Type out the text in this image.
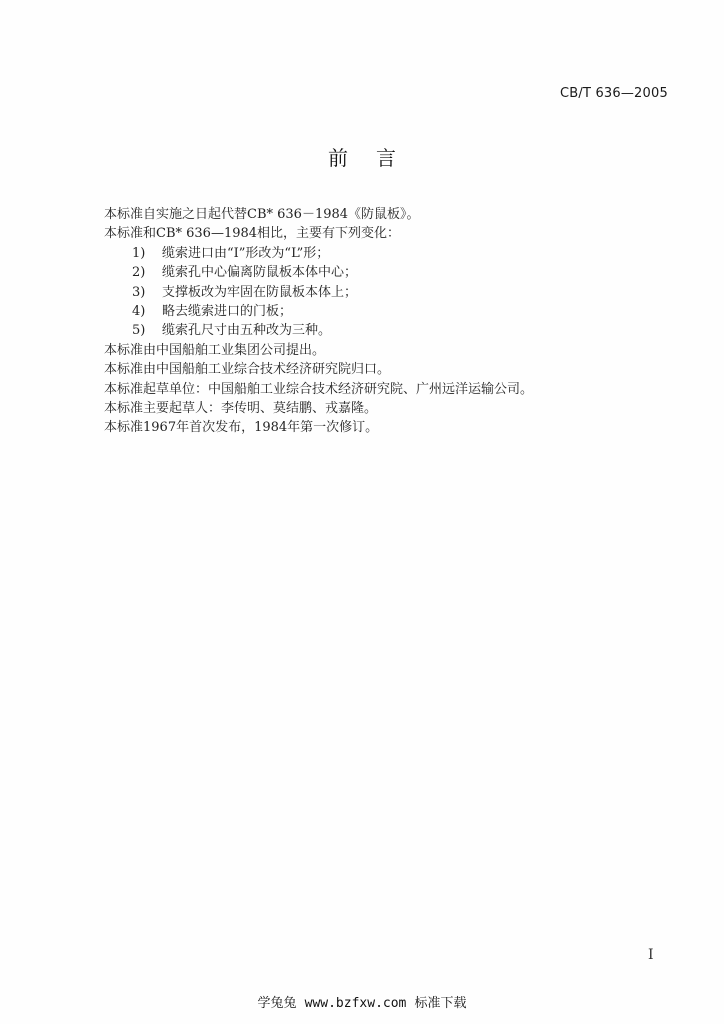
CB/T 636—2005
前 言
本标准自实施之日起代替CB* 636－1984《防鼠板》。
本标准和CB* 636—1984相比，主要有下列变化：
1) 缆索进口由“I”形改为“L”形；
2) 缆索孔中心偏离防鼠板本体中心；
3) 支撑板改为牢固在防鼠板本体上；
4) 略去缆索进口的门板；
5) 缆索孔尺寸由五种改为三种。
本标准由中国船舶工业集团公司提出。
本标准由中国船舶工业综合技术经济研究院归口。
本标准起草单位：中国船舶工业综合技术经济研究院、广州远洋运输公司。
本标准主要起草人：李传明、莫结鹏、戎嘉隆。
本标准1967年首次发布，1984年第一次修订。
I
学兔兔 www.bzfxw.com 标准下载
